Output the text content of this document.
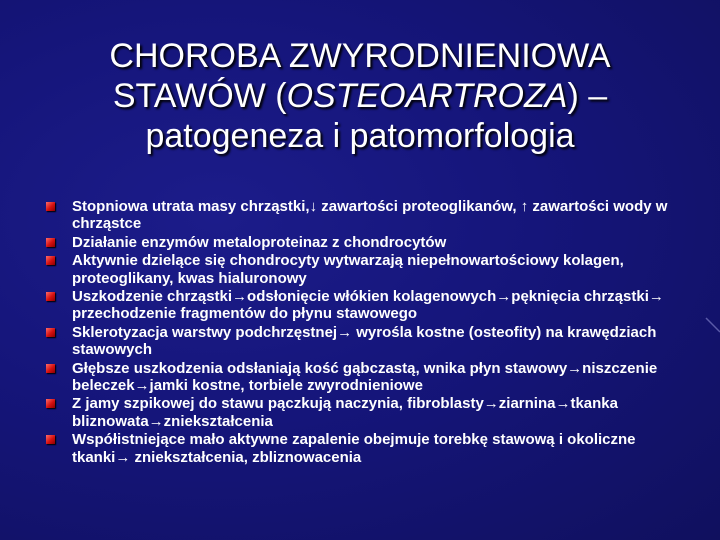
CHOROBA ZWYRODNIENIOWA
STAWÓW (OSTEOARTROZA) –
patogeneza i patomorfologia
Stopniowa utrata masy chrząstki,↓ zawartości proteoglikanów, ↑ zawartości wody w chrząstce
Działanie enzymów metaloproteinaz z chondrocytów
Aktywnie dzielące się chondrocyty wytwarzają niepełnowartościowy kolagen, proteoglikany, kwas hialuronowy
Uszkodzenie chrząstki→odsłonięcie włókien kolagenowych→pęknięcia chrząstki→ przechodzenie fragmentów do płynu stawowego
Sklerotyzacja warstwy podchrzęstnej→ wyrośla kostne (osteofity) na krawędziach stawowych
Głębsze uszkodzenia odsłaniają kość gąbczastą, wnika płyn stawowy→niszczenie beleczek→jamki kostne, torbiele zwyrodnieniowe
Z jamy szpikowej do stawu pączkują naczynia, fibroblasty→ziarnina→tkanka bliznowata→zniekształcenia
Współistniejące mało aktywne zapalenie obejmuje torebkę stawową i okoliczne tkanki→ zniekształcenia, zbliznowacenia
